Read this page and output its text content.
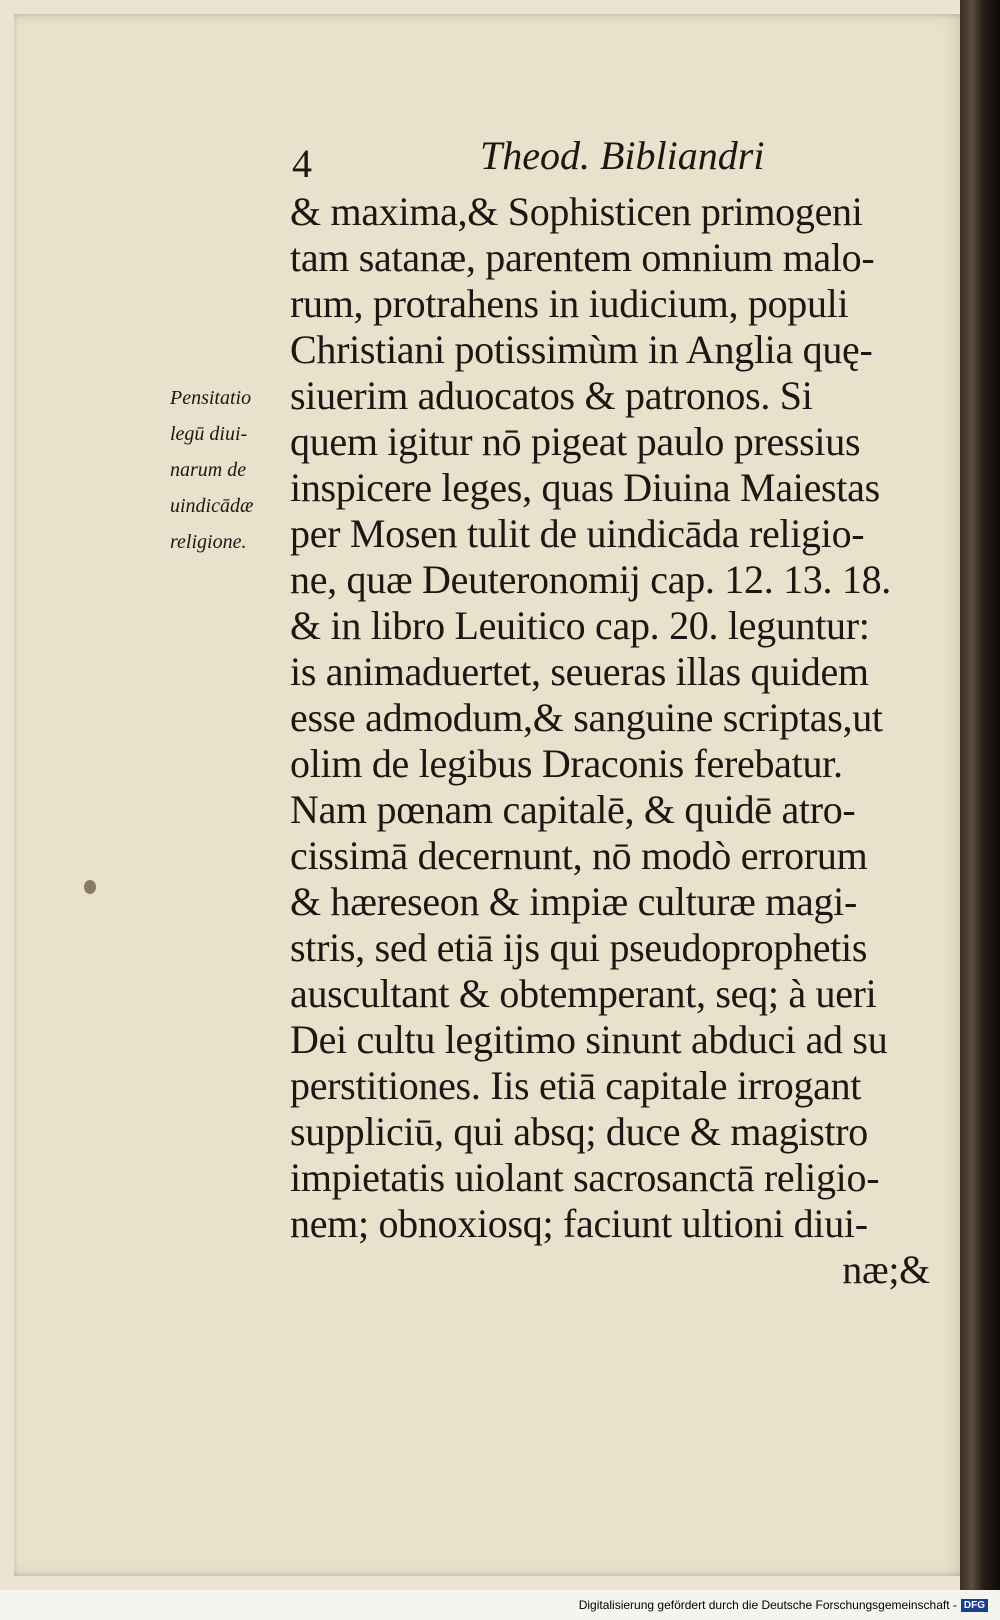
4	Theod. Bibliandri
Pensitatio
legū diui-
narum de
uindicādæ
religione.
& maxima,& Sophisticen primogeni
tam satanæ, parentem omnium malo-
rum, protrahens in iudicium, populi
Christiani potissimùm in Anglia quę-
siuerim aduocatos & patronos. Si
quem igitur nō pigeat paulo pressius
inspicere leges, quas Diuina Maiestas
per Mosen tulit de uindicāda religio-
ne, quæ Deuteronomij cap. 12. 13. 18.
& in libro Leuitico cap. 20. leguntur:
is animaduertet, seueras illas quidem
esse admodum,& sanguine scriptas,ut
olim de legibus Draconis ferebatur.
Nam pœnam capitalē, & quidē atro-
cissimā decernunt, nō modò errorum
& hæreseon & impiæ culturæ magi-
stris, sed etiā ijs qui pseudoprophetis
auscultant & obtemperant, seq; à ueri
Dei cultu legitimo sinunt abduci ad su
perstitiones. Iis etiā capitale irrogant
suppliciū, qui absq; duce & magistro
impietatis uiolant sacrosanctā religio-
nem; obnoxiosq; faciunt ultioni diui-
næ;&
Digitalisierung gefördert durch die Deutsche Forschungsgemeinschaft - DFG
